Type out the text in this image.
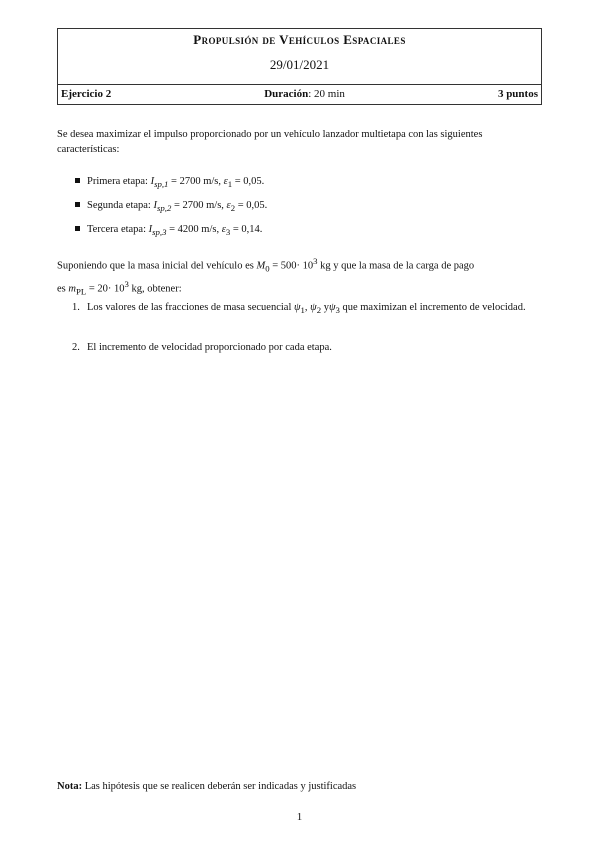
Propulsión de Vehículos Espaciales
29/01/2021
Ejercicio 2	Duración: 20 min	3 puntos
Se desea maximizar el impulso proporcionado por un vehículo lanzador multietapa con las siguientes características:
Primera etapa: $I_{sp,1} = 2700$ m/s, $\varepsilon_1 = 0,05$.
Segunda etapa: $I_{sp,2} = 2700$ m/s, $\varepsilon_2 = 0,05$.
Tercera etapa: $I_{sp,3} = 4200$ m/s, $\varepsilon_3 = 0,14$.
Suponiendo que la masa inicial del vehículo es $M_0 = 500\cdot 10^3$ kg y que la masa de la carga de pago
es $m_{PL} = 20\cdot 10^3$ kg, obtener:
1. Los valores de las fracciones de masa secuencial $\psi_1$, $\psi_2$ $y\psi_3$ que maximizan el incremento de velocidad.
2. El incremento de velocidad proporcionado por cada etapa.
Nota: Las hipótesis que se realicen deberán ser indicadas y justificadas
1
